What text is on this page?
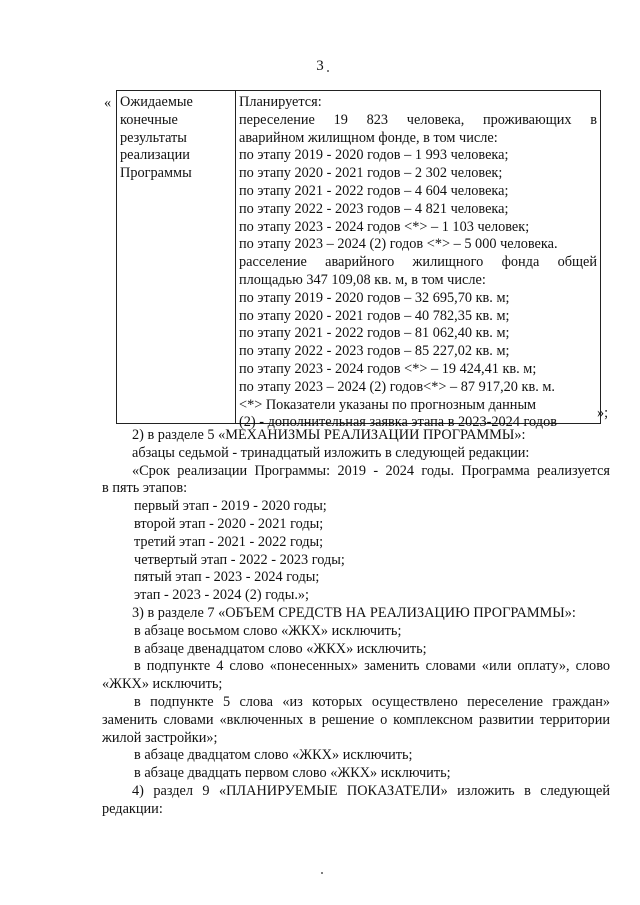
3
« Ожидаемые
конечные
результаты
реализации
Программы
Планируется:
переселение 19 823 человека, проживающих в
аварийном жилищном фонде, в том числе:
по этапу 2019 - 2020 годов – 1 993 человека;
по этапу 2020 - 2021 годов – 2 302 человек;
по этапу 2021 - 2022 годов – 4 604 человека;
по этапу 2022 - 2023 годов – 4 821 человека;
по этапу 2023 - 2024 годов <*> – 1 103 человек;
по этапу 2023 – 2024 (2) годов <*> – 5 000 человека.
расселение аварийного жилищного фонда общей
площадью 347 109,08 кв. м, в том числе:
по этапу 2019 - 2020 годов – 32 695,70 кв. м;
по этапу 2020 - 2021 годов – 40 782,35 кв. м;
по этапу 2021 - 2022 годов – 81 062,40 кв. м;
по этапу 2022 - 2023 годов – 85 227,02 кв. м;
по этапу 2023 - 2024 годов <*> – 19 424,41 кв. м;
по этапу 2023 – 2024 (2) годов<*> – 87 917,20 кв. м.
<*> Показатели указаны по прогнозным данным
(2) - дополнительная заявка этапа в 2023-2024 годов
»;
2) в разделе 5 «МЕХАНИЗМЫ РЕАЛИЗАЦИИ ПРОГРАММЫ»:
абзацы седьмой - тринадцатый изложить в следующей редакции:
«Срок реализации Программы: 2019 - 2024 годы. Программа реализуется
в пять этапов:
первый этап - 2019 - 2020 годы;
второй этап - 2020 - 2021 годы;
третий этап - 2021 - 2022 годы;
четвертый этап - 2022 - 2023 годы;
пятый этап - 2023 - 2024 годы;
этап - 2023 - 2024 (2) годы.»;
3) в разделе 7 «ОБЪЕМ СРЕДСТВ НА РЕАЛИЗАЦИЮ ПРОГРАММЫ»:
в абзаце восьмом слово «ЖКХ» исключить;
в абзаце двенадцатом слово «ЖКХ» исключить;
в подпункте 4 слово «понесенных» заменить словами «или оплату», слово
«ЖКХ» исключить;
в подпункте 5 слова «из которых осуществлено переселение граждан»
заменить словами «включенных в решение о комплексном развитии территории
жилой застройки»;
в абзаце двадцатом слово «ЖКХ» исключить;
в абзаце двадцать первом слово «ЖКХ» исключить;
4) раздел 9 «ПЛАНИРУЕМЫЕ ПОКАЗАТЕЛИ» изложить в следующей
редакции:
